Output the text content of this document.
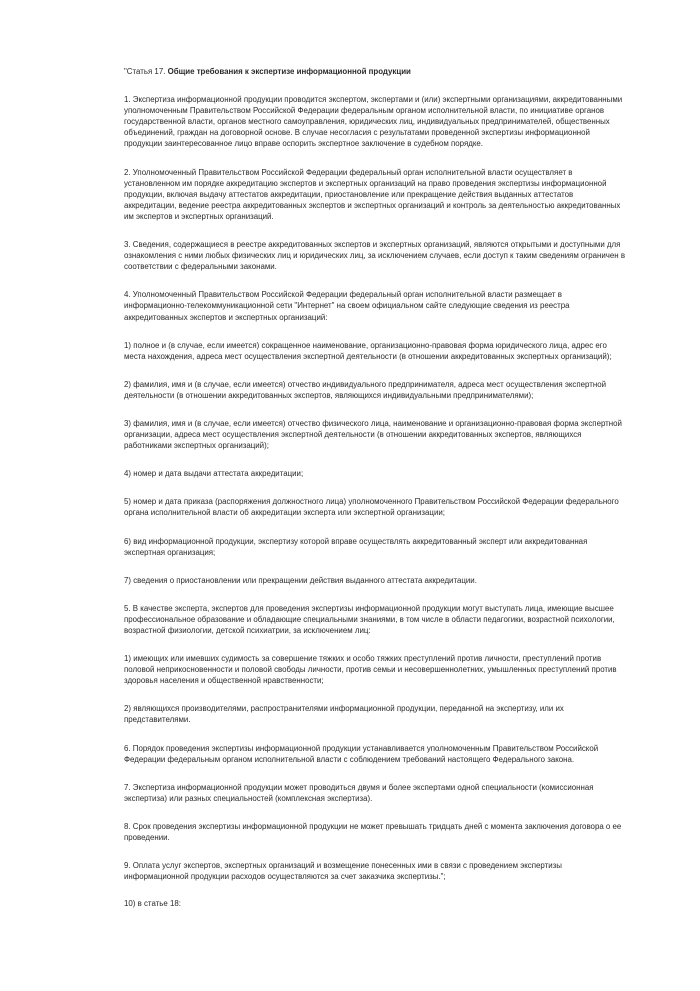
"Статья 17. Общие требования к экспертизе информационной продукции
1. Экспертиза информационной продукции проводится экспертом, экспертами и (или) экспертными организациями, аккредитованными уполномоченным Правительством Российской Федерации федеральным органом исполнительной власти, по инициативе органов государственной власти, органов местного самоуправления, юридических лиц, индивидуальных предпринимателей, общественных объединений, граждан на договорной основе. В случае несогласия с результатами проведенной экспертизы информационной продукции заинтересованное лицо вправе оспорить экспертное заключение в судебном порядке.
2. Уполномоченный Правительством Российской Федерации федеральный орган исполнительной власти осуществляет в установленном им порядке аккредитацию экспертов и экспертных организаций на право проведения экспертизы информационной продукции, включая выдачу аттестатов аккредитации, приостановление или прекращение действия выданных аттестатов аккредитации, ведение реестра аккредитованных экспертов и экспертных организаций и контроль за деятельностью аккредитованных им экспертов и экспертных организаций.
3. Сведения, содержащиеся в реестре аккредитованных экспертов и экспертных организаций, являются открытыми и доступными для ознакомления с ними любых физических лиц и юридических лиц, за исключением случаев, если доступ к таким сведениям ограничен в соответствии с федеральными законами.
4. Уполномоченный Правительством Российской Федерации федеральный орган исполнительной власти размещает в информационно-телекоммуникационной сети "Интернет" на своем официальном сайте следующие сведения из реестра аккредитованных экспертов и экспертных организаций:
1) полное и (в случае, если имеется) сокращенное наименование, организационно-правовая форма юридического лица, адрес его места нахождения, адреса мест осуществления экспертной деятельности (в отношении аккредитованных экспертных организаций);
2) фамилия, имя и (в случае, если имеется) отчество индивидуального предпринимателя, адреса мест осуществления экспертной деятельности (в отношении аккредитованных экспертов, являющихся индивидуальными предпринимателями);
3) фамилия, имя и (в случае, если имеется) отчество физического лица, наименование и организационно-правовая форма экспертной организации, адреса мест осуществления экспертной деятельности (в отношении аккредитованных экспертов, являющихся работниками экспертных организаций);
4) номер и дата выдачи аттестата аккредитации;
5) номер и дата приказа (распоряжения должностного лица) уполномоченного Правительством Российской Федерации федерального органа исполнительной власти об аккредитации эксперта или экспертной организации;
6) вид информационной продукции, экспертизу которой вправе осуществлять аккредитованный эксперт или аккредитованная экспертная организация;
7) сведения о приостановлении или прекращении действия выданного аттестата аккредитации.
5. В качестве эксперта, экспертов для проведения экспертизы информационной продукции могут выступать лица, имеющие высшее профессиональное образование и обладающие специальными знаниями, в том числе в области педагогики, возрастной психологии, возрастной физиологии, детской психиатрии, за исключением лиц:
1) имеющих или имевших судимость за совершение тяжких и особо тяжких преступлений против личности, преступлений против половой неприкосновенности и половой свободы личности, против семьи и несовершеннолетних, умышленных преступлений против здоровья населения и общественной нравственности;
2) являющихся производителями, распространителями информационной продукции, переданной на экспертизу, или их представителями.
6. Порядок проведения экспертизы информационной продукции устанавливается уполномоченным Правительством Российской Федерации федеральным органом исполнительной власти с соблюдением требований настоящего Федерального закона.
7. Экспертиза информационной продукции может проводиться двумя и более экспертами одной специальности (комиссионная экспертиза) или разных специальностей (комплексная экспертиза).
8. Срок проведения экспертизы информационной продукции не может превышать тридцать дней с момента заключения договора о ее проведении.
9. Оплата услуг экспертов, экспертных организаций и возмещение понесенных ими в связи с проведением экспертизы информационной продукции расходов осуществляются за счет заказчика экспертизы.";
10) в статье 18:
